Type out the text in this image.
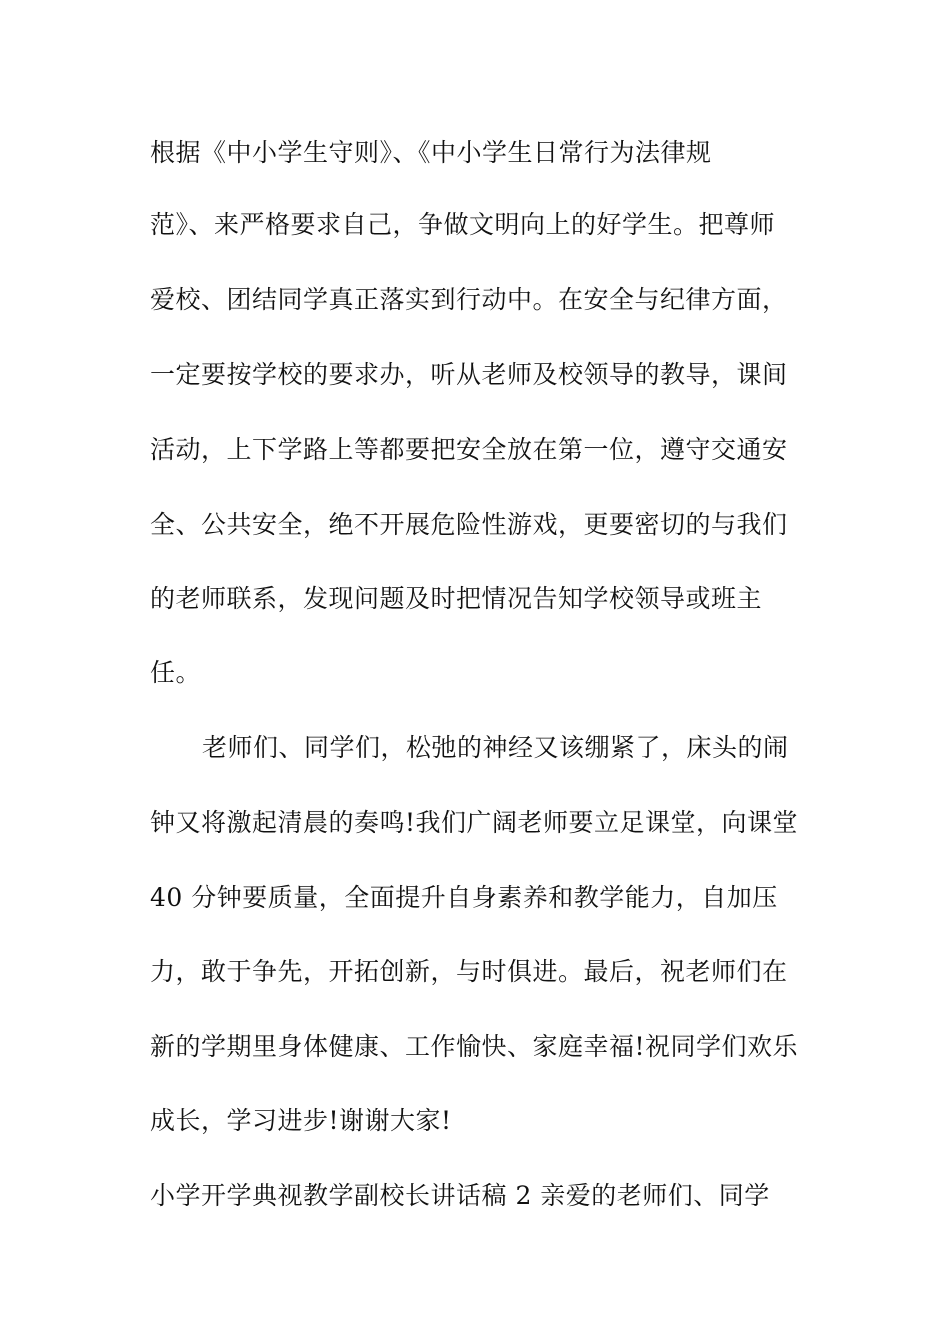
根据《中小学生守则》、《中小学生日常行为法律规
范》、来严格要求自己，争做文明向上的好学生。把尊师
爱校、团结同学真正落实到行动中。在安全与纪律方面，
一定要按学校的要求办，听从老师及校领导的教导，课间
活动，上下学路上等都要把安全放在第一位，遵守交通安
全、公共安全，绝不开展危险性游戏，更要密切的与我们
的老师联系，发现问题及时把情况告知学校领导或班主
任。
老师们、同学们，松弛的神经又该绷紧了，床头的闹
钟又将激起清晨的奏鸣!我们广阔老师要立足课堂，向课堂
40 分钟要质量，全面提升自身素养和教学能力，自加压
力，敢于争先，开拓创新，与时俱进。最后，祝老师们在
新的学期里身体健康、工作愉快、家庭幸福!祝同学们欢乐
成长，学习进步!谢谢大家!
小学开学典视教学副校长讲话稿 2 亲爱的老师们、同学
